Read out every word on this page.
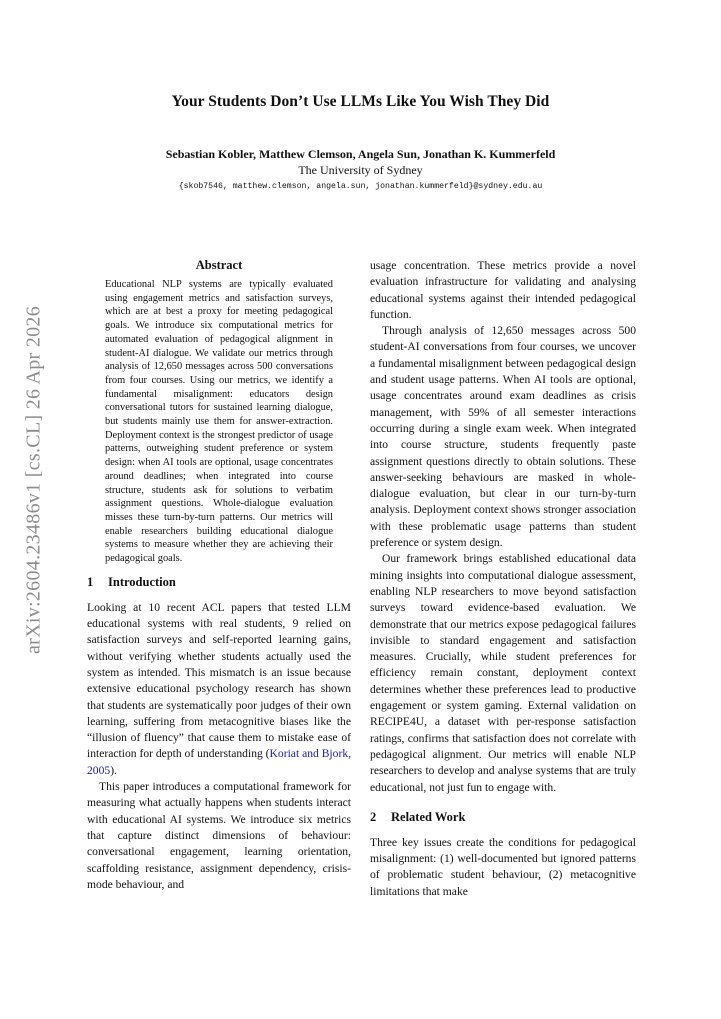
Your Students Don’t Use LLMs Like You Wish They Did
Sebastian Kobler, Matthew Clemson, Angela Sun, Jonathan K. Kummerfeld
The University of Sydney
{skob7546, matthew.clemson, angela.sun, jonathan.kummerfeld}@sydney.edu.au
arXiv:2604.23486v1 [cs.CL] 26 Apr 2026
Abstract

Educational NLP systems are typically evaluated using engagement metrics and satisfaction surveys, which are at best a proxy for meeting pedagogical goals. We introduce six computational metrics for automated evaluation of pedagogical alignment in student-AI dialogue. We validate our metrics through analysis of 12,650 messages across 500 conversations from four courses. Using our metrics, we identify a fundamental misalignment: educators design conversational tutors for sustained learning dialogue, but students mainly use them for answer-extraction. Deployment context is the strongest predictor of usage patterns, outweighing student preference or system design: when AI tools are optional, usage concentrates around deadlines; when integrated into course structure, students ask for solutions to verbatim assignment questions. Whole-dialogue evaluation misses these turn-by-turn patterns. Our metrics will enable researchers building educational dialogue systems to measure whether they are achieving their pedagogical goals.

1 Introduction

Looking at 10 recent ACL papers that tested LLM educational systems with real students, 9 relied on satisfaction surveys and self-reported learning gains, without verifying whether students actually used the system as intended. This mismatch is an issue because extensive educational psychology research has shown that students are systematically poor judges of their own learning, suffering from metacognitive biases like the “illusion of fluency” that cause them to mistake ease of interaction for depth of understanding (Koriat and Bjork, 2005).

This paper introduces a computational framework for measuring what actually happens when students interact with educational AI systems. We introduce six metrics that capture distinct dimensions of behaviour: conversational engagement, learning orientation, scaffolding resistance, assignment dependency, crisis-mode behaviour, and

usage concentration. These metrics provide a novel evaluation infrastructure for validating and analysing educational systems against their intended pedagogical function.

Through analysis of 12,650 messages across 500 student-AI conversations from four courses, we uncover a fundamental misalignment between pedagogical design and student usage patterns. When AI tools are optional, usage concentrates around exam deadlines as crisis management, with 59% of all semester interactions occurring during a single exam week. When integrated into course structure, students frequently paste assignment questions directly to obtain solutions. These answer-seeking behaviours are masked in whole-dialogue evaluation, but clear in our turn-by-turn analysis. Deployment context shows stronger association with these problematic usage patterns than student preference or system design.

Our framework brings established educational data mining insights into computational dialogue assessment, enabling NLP researchers to move beyond satisfaction surveys toward evidence-based evaluation. We demonstrate that our metrics expose pedagogical failures invisible to standard engagement and satisfaction measures. Crucially, while student preferences for efficiency remain constant, deployment context determines whether these preferences lead to productive engagement or system gaming. External validation on RECIPE4U, a dataset with per-response satisfaction ratings, confirms that satisfaction does not correlate with pedagogical alignment. Our metrics will enable NLP researchers to develop and analyse systems that are truly educational, not just fun to engage with.

2 Related Work

Three key issues create the conditions for pedagogical misalignment: (1) well-documented but ignored patterns of problematic student behaviour, (2) metacognitive limitations that make
